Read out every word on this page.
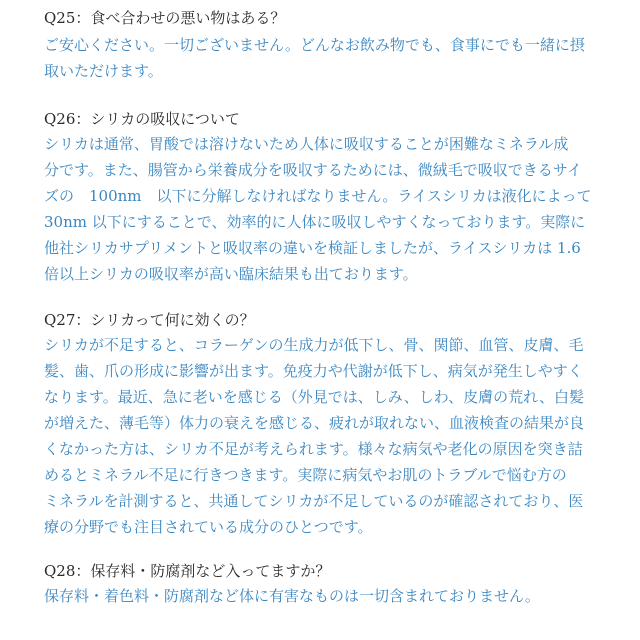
Q25：食べ合わせの悪い物はある？
ご安心ください。一切ございません。どんなお飲み物でも、食事にでも一緒に摂
取いただけます。
Q26：シリカの吸収について
シリカは通常、胃酸では溶けないため人体に吸収することが困難なミネラル成
分です。また、腸管から栄養成分を吸収するためには、微絨毛で吸収できるサイ
ズの　100nm　以下に分解しなければなりません。ライスシリカは液化によって
30nm 以下にすることで、効率的に人体に吸収しやすくなっております。実際に
他社シリカサプリメントと吸収率の違いを検証しましたが、ライスシリカは 1.6
倍以上シリカの吸収率が高い臨床結果も出ております。
Q27：シリカって何に効くの？
シリカが不足すると、コラーゲンの生成力が低下し、骨、関節、血管、皮膚、毛
髪、歯、爪の形成に影響が出ます。免疫力や代謝が低下し、病気が発生しやすく
なります。最近、急に老いを感じる（外見では、しみ、しわ、皮膚の荒れ、白髪
が増えた、薄毛等）体力の衰えを感じる、疲れが取れない、血液検査の結果が良
くなかった方は、シリカ不足が考えられます。様々な病気や老化の原因を突き詰
めるとミネラル不足に行きつきます。実際に病気やお肌のトラブルで悩む方の
ミネラルを計測すると、共通してシリカが不足しているのが確認されており、医
療の分野でも注目されている成分のひとつです。
Q28：保存料・防腐剤など入ってますか？
保存料・着色料・防腐剤など体に有害なものは一切含まれておりません。
